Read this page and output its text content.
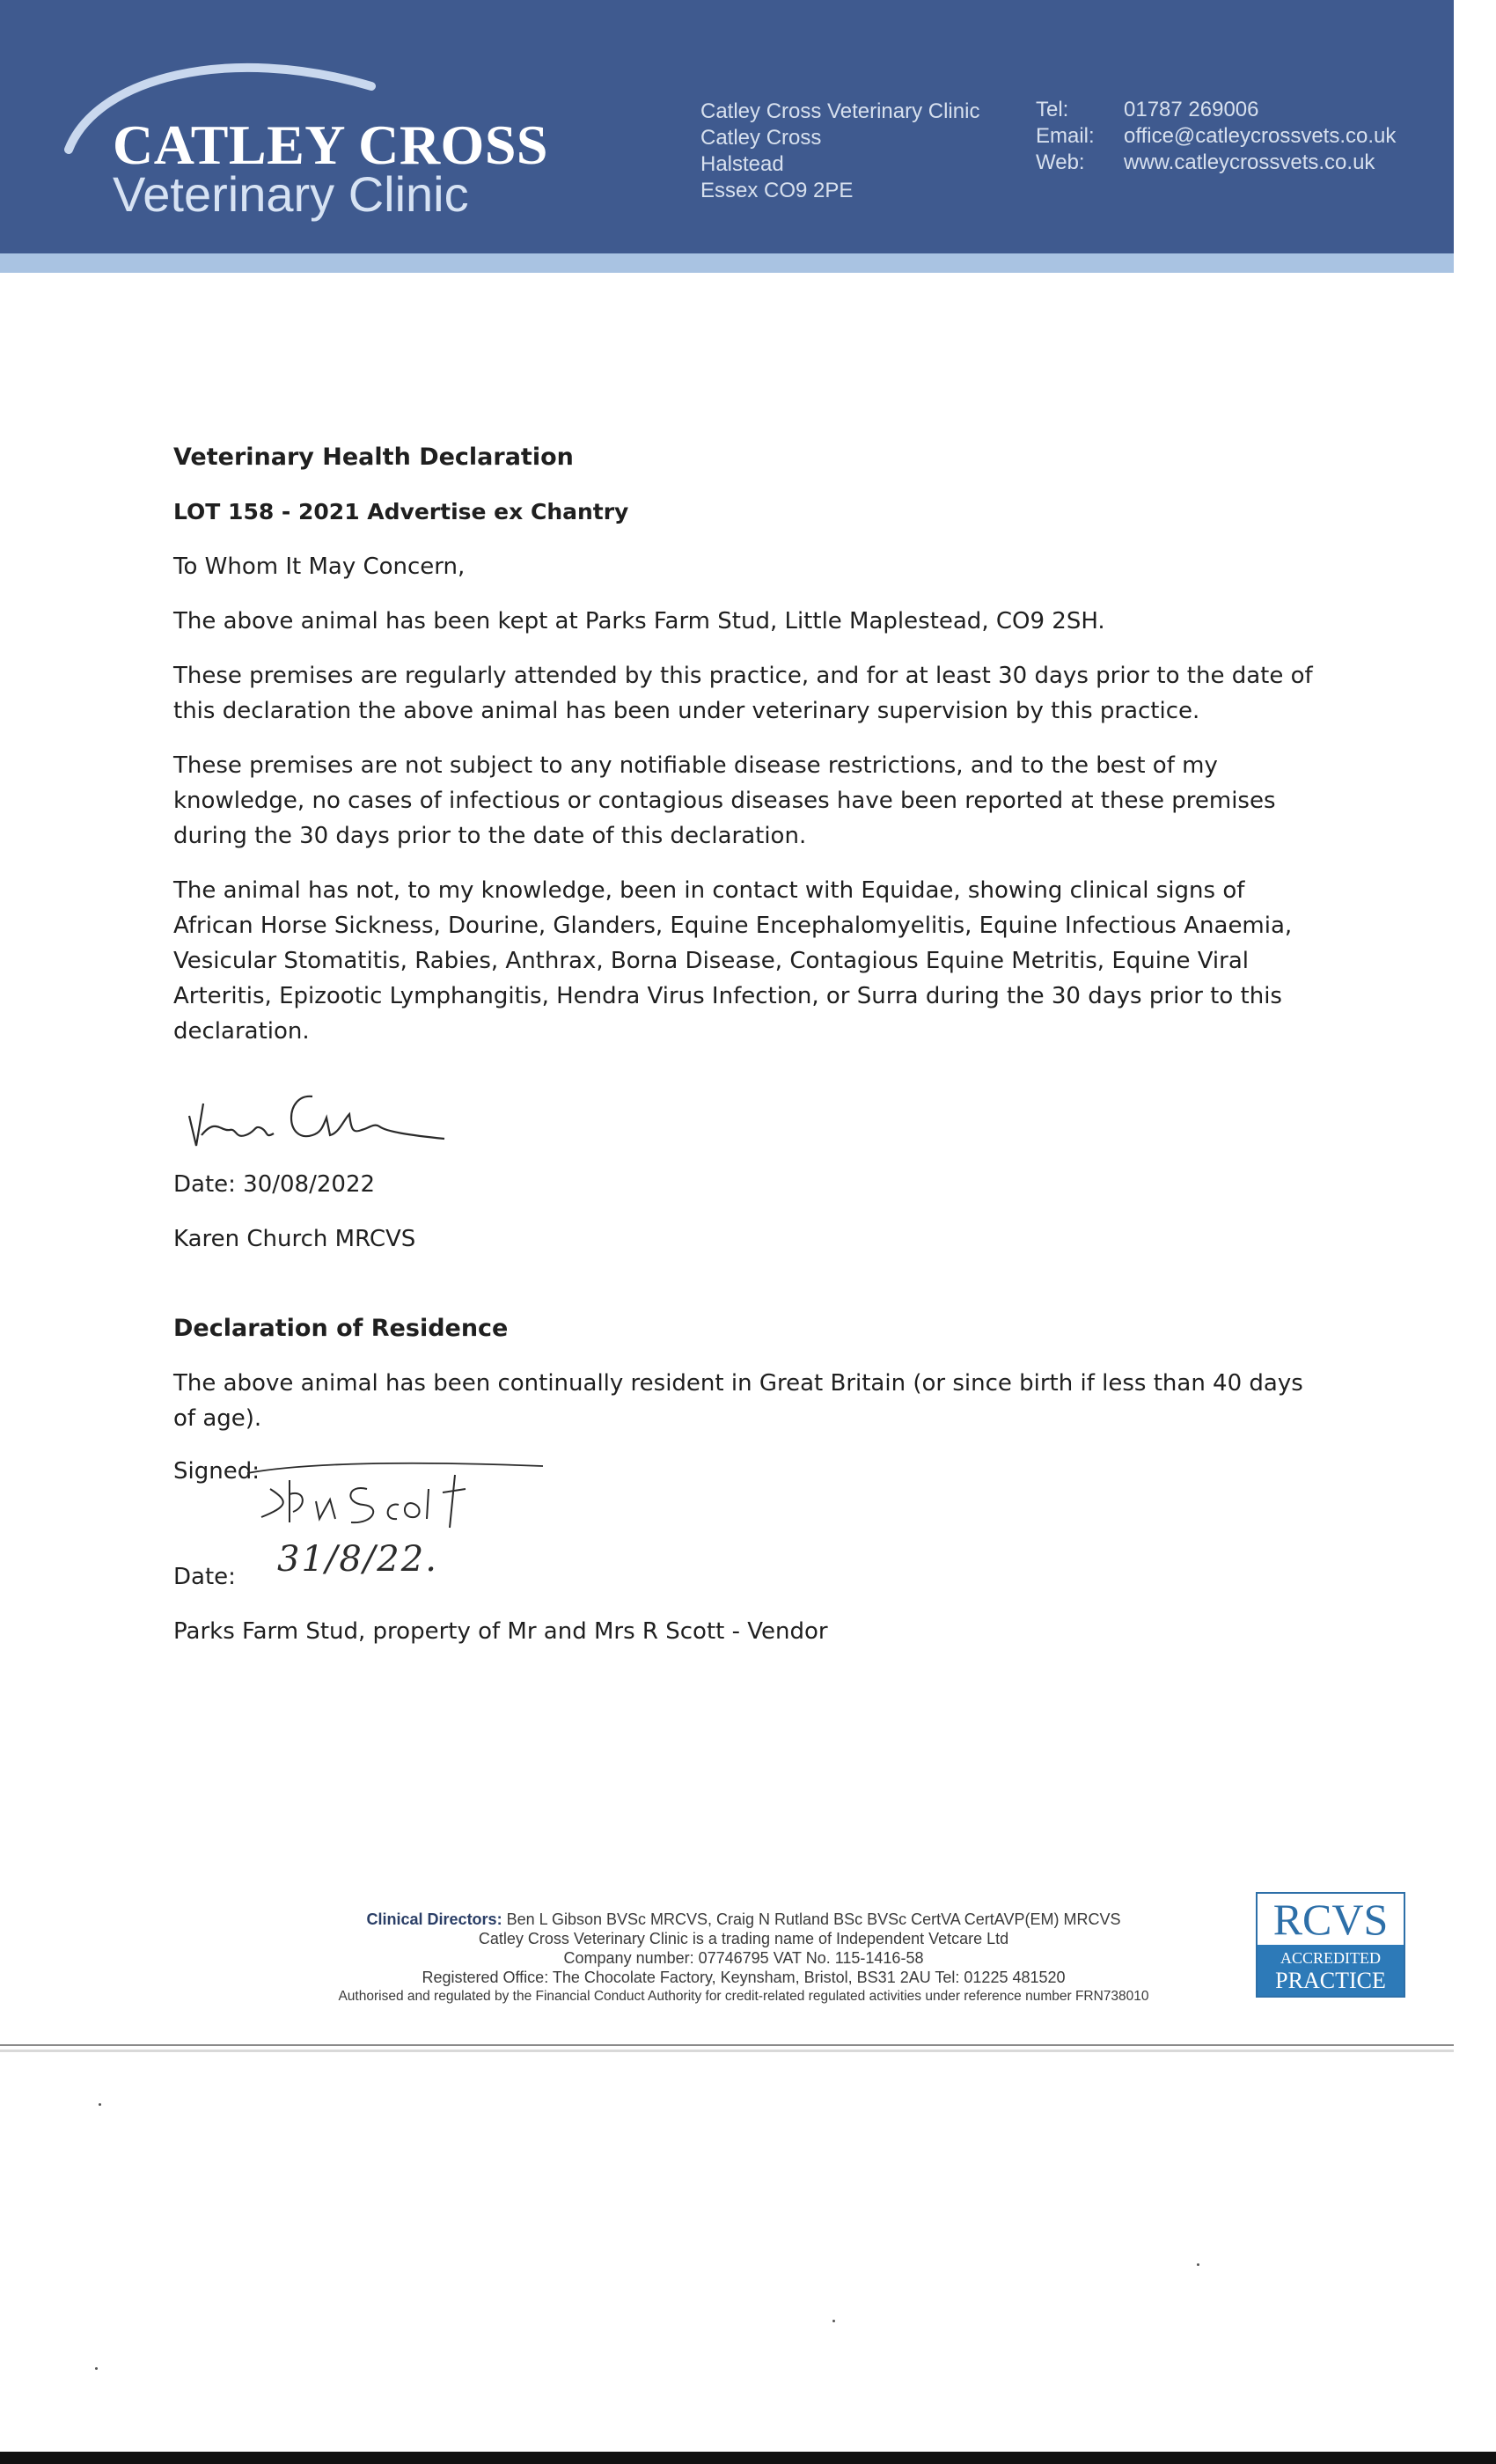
CATLEY CROSS
Veterinary Clinic
Catley Cross Veterinary Clinic
Catley Cross
Halstead
Essex CO9 2PE
Tel:	01787 269006
Email:	office@catleycrossvets.co.uk
Web:	www.catleycrossvets.co.uk
Veterinary Health Declaration
LOT 158 - 2021 Advertise ex Chantry
To Whom It May Concern,
The above animal has been kept at Parks Farm Stud, Little Maplestead, CO9 2SH.
These premises are regularly attended by this practice, and for at least 30 days prior to the date of this declaration the above animal has been under veterinary supervision by this practice.
These premises are not subject to any notifiable disease restrictions, and to the best of my knowledge, no cases of infectious or contagious diseases have been reported at these premises during the 30 days prior to the date of this declaration.
The animal has not, to my knowledge, been in contact with Equidae, showing clinical signs of African Horse Sickness, Dourine, Glanders, Equine Encephalomyelitis, Equine Infectious Anaemia, Vesicular Stomatitis, Rabies, Anthrax, Borna Disease, Contagious Equine Metritis, Equine Viral Arteritis, Epizootic Lymphangitis, Hendra Virus Infection, or Surra during the 30 days prior to this declaration.
Date: 30/08/2022
Karen Church MRCVS
Declaration of Residence
The above animal has been continually resident in Great Britain (or since birth if less than 40 days of age).
Signed:
Date: 31/8/22.
Parks Farm Stud, property of Mr and Mrs R Scott - Vendor
Clinical Directors: Ben L Gibson BVSc MRCVS, Craig N Rutland BSc BVSc CertVA CertAVP(EM) MRCVS
Catley Cross Veterinary Clinic is a trading name of Independent Vetcare Ltd
Company number: 07746795 VAT No. 115-1416-58
Registered Office: The Chocolate Factory, Keynsham, Bristol, BS31 2AU Tel: 01225 481520
Authorised and regulated by the Financial Conduct Authority for credit-related regulated activities under reference number FRN738010
RCVS
ACCREDITED
PRACTICE
